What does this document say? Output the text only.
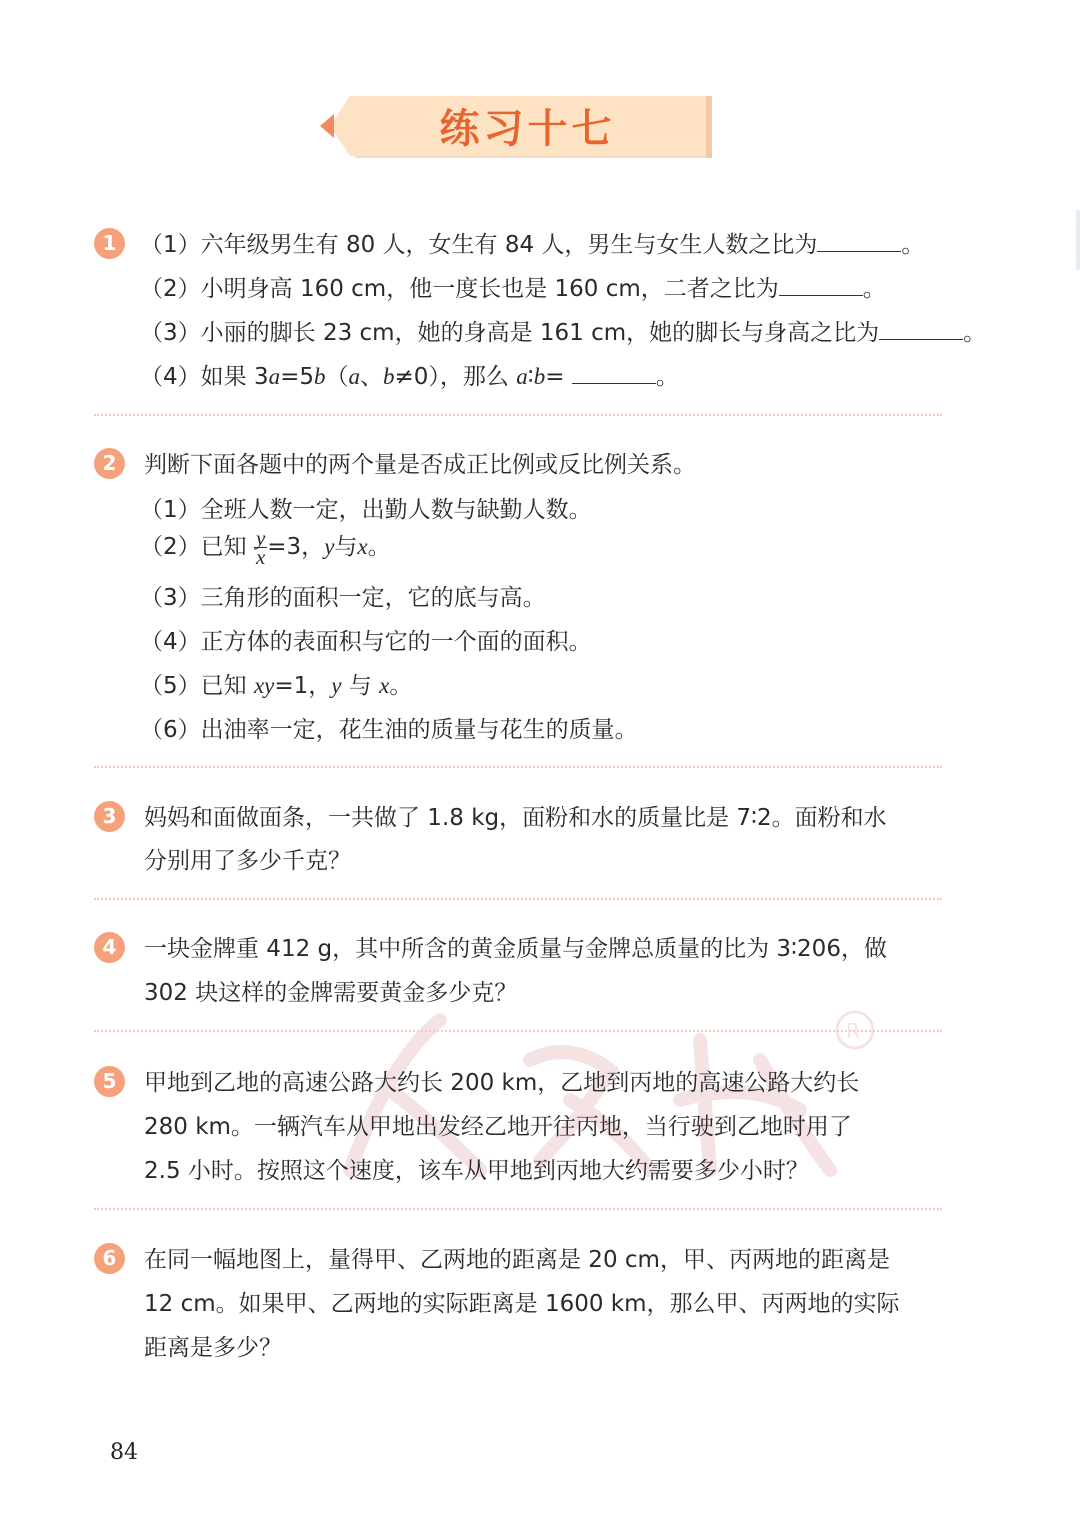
练习十七
R
1	（1）六年级男生有 80 人，女生有 84 人，男生与女生人数之比为	。
（2）小明身高 160 cm，他一度长也是 160 cm，二者之比为	。
（3）小丽的脚长 23 cm，她的身高是 161 cm，她的脚长与身高之比为	。
（4）如果 3a=5b（a、b≠0），那么 a∶b=	。
2	判断下面各题中的两个量是否成正比例或反比例关系。
（1）全班人数一定，出勤人数与缺勤人数。
（2）已知 $\frac{y}{x} =3$，y与x。
（3）三角形的面积一定，它的底与高。
（4）正方体的表面积与它的一个面的面积。
（5）已知 xy=1，y 与 x。
（6）出油率一定，花生油的质量与花生的质量。
3	妈妈和面做面条，一共做了 1.8 kg，面粉和水的质量比是 7∶2。面粉和水
分别用了多少千克？
4	一块金牌重 412 g，其中所含的黄金质量与金牌总质量的比为 3∶206，做
302 块这样的金牌需要黄金多少克？
5	甲地到乙地的高速公路大约长 200 km，乙地到丙地的高速公路大约长
280 km。一辆汽车从甲地出发经乙地开往丙地，当行驶到乙地时用了
2.5 小时。按照这个速度，该车从甲地到丙地大约需要多少小时？
6	在同一幅地图上，量得甲、乙两地的距离是 20 cm，甲、丙两地的距离是
12 cm。如果甲、乙两地的实际距离是 1600 km，那么甲、丙两地的实际
距离是多少？
84
